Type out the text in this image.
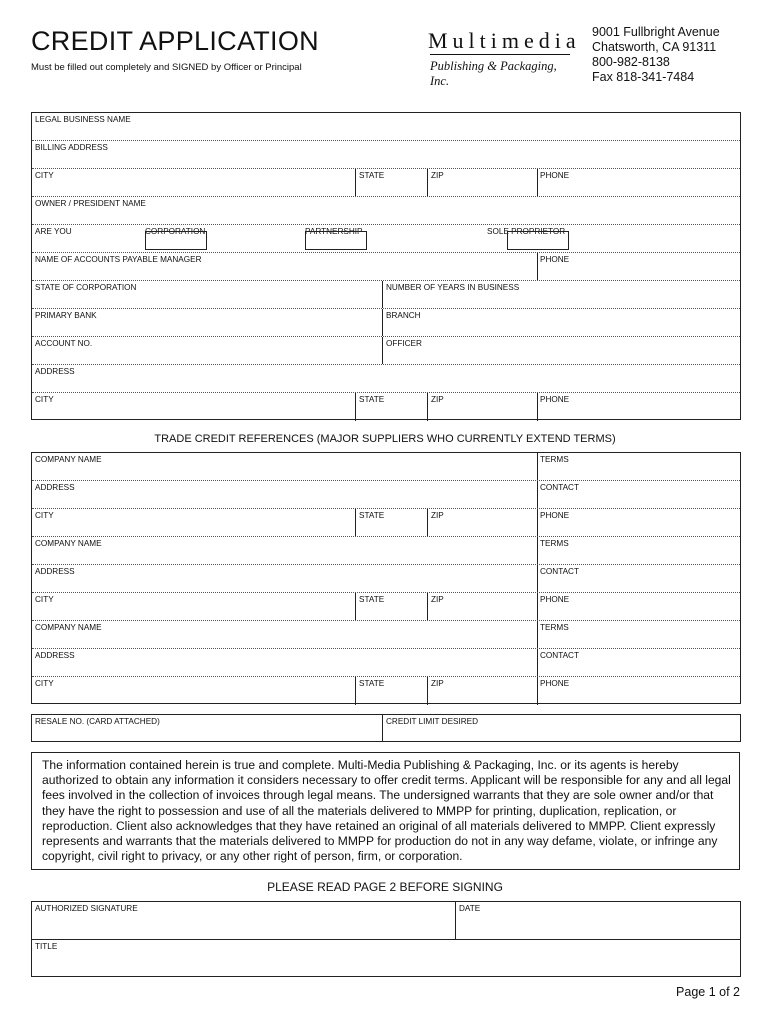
CREDIT APPLICATION
Must be filled out completely and SIGNED by Officer or Principal
Multimedia
Publishing & Packaging, Inc.
9001 Fullbright Avenue
Chatsworth, CA 91311
800-982-8138
Fax 818-341-7484
LEGAL BUSINESS NAME
BILLING ADDRESS
CITY	STATE	ZIP	PHONE
OWNER / PRESIDENT NAME
ARE YOU	CORPORATION	PARTNERSHIP	SOLE PROPRIETOR
NAME OF ACCOUNTS PAYABLE MANAGER	PHONE
STATE OF CORPORATION	NUMBER OF YEARS IN BUSINESS
PRIMARY BANK	BRANCH
ACCOUNT NO.	OFFICER
ADDRESS
CITY	STATE	ZIP	PHONE
TRADE CREDIT REFERENCES (MAJOR SUPPLIERS WHO CURRENTLY EXTEND TERMS)
COMPANY NAME	TERMS
ADDRESS	CONTACT
CITY	STATE	ZIP	PHONE
COMPANY NAME	TERMS
ADDRESS	CONTACT
CITY	STATE	ZIP	PHONE
COMPANY NAME	TERMS
ADDRESS	CONTACT
CITY	STATE	ZIP	PHONE
RESALE NO. (CARD ATTACHED)	CREDIT LIMIT DESIRED
The information contained herein is true and complete. Multi-Media Publishing & Packaging, Inc. or its agents is hereby authorized to obtain any information it considers necessary to offer credit terms. Applicant will be responsible for any and all legal fees involved in the collection of invoices through legal means. The undersigned warrants that they are sole owner and/or that they have the right to possession and use of all the materials delivered to MMPP for printing, duplication, replication, or reproduction. Client also acknowledges that they have retained an original of all materials delivered to MMPP. Client expressly represents and warrants that the materials delivered to MMPP for production do not in any way defame, violate, or infringe any copyright, civil right to privacy, or any other right of person, firm, or corporation.
PLEASE READ PAGE 2 BEFORE SIGNING
AUTHORIZED SIGNATURE	DATE
TITLE
Page 1 of 2
